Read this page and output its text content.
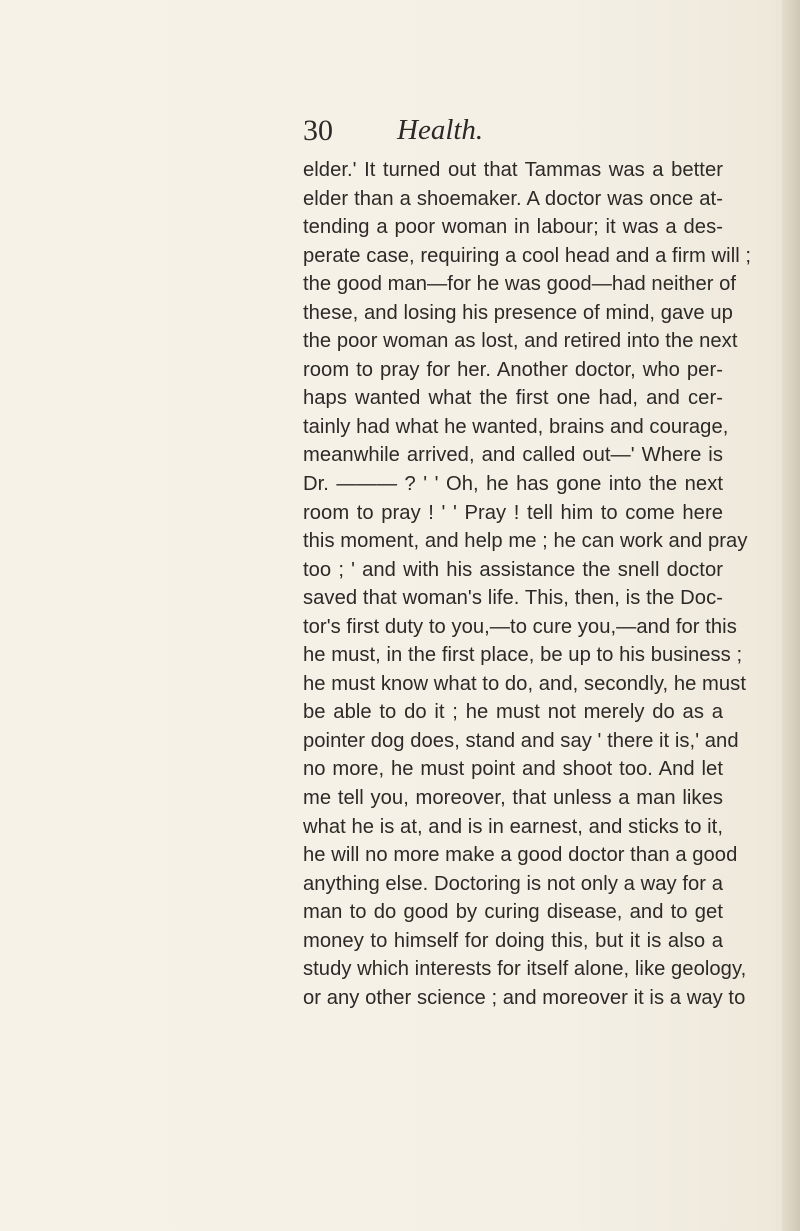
30 Health.
elder.' It turned out that Tammas was a better
elder than a shoemaker. A doctor was once at-
tending a poor woman in labour; it was a des-
perate case, requiring a cool head and a firm will ;
the good man—for he was good—had neither of
these, and losing his presence of mind, gave up
the poor woman as lost, and retired into the next
room to pray for her. Another doctor, who per-
haps wanted what the first one had, and cer-
tainly had what he wanted, brains and courage,
meanwhile arrived, and called out—' Where is
Dr. ——— ? ' ' Oh, he has gone into the next
room to pray ! ' ' Pray ! tell him to come here
this moment, and help me ; he can work and pray
too ; ' and with his assistance the snell doctor
saved that woman's life. This, then, is the Doc-
tor's first duty to you,—to cure you,—and for this
he must, in the first place, be up to his business ;
he must know what to do, and, secondly, he must
be able to do it ; he must not merely do as a
pointer dog does, stand and say ' there it is,' and
no more, he must point and shoot too. And let
me tell you, moreover, that unless a man likes
what he is at, and is in earnest, and sticks to it,
he will no more make a good doctor than a good
anything else. Doctoring is not only a way for a
man to do good by curing disease, and to get
money to himself for doing this, but it is also a
study which interests for itself alone, like geology,
or any other science ; and moreover it is a way to
